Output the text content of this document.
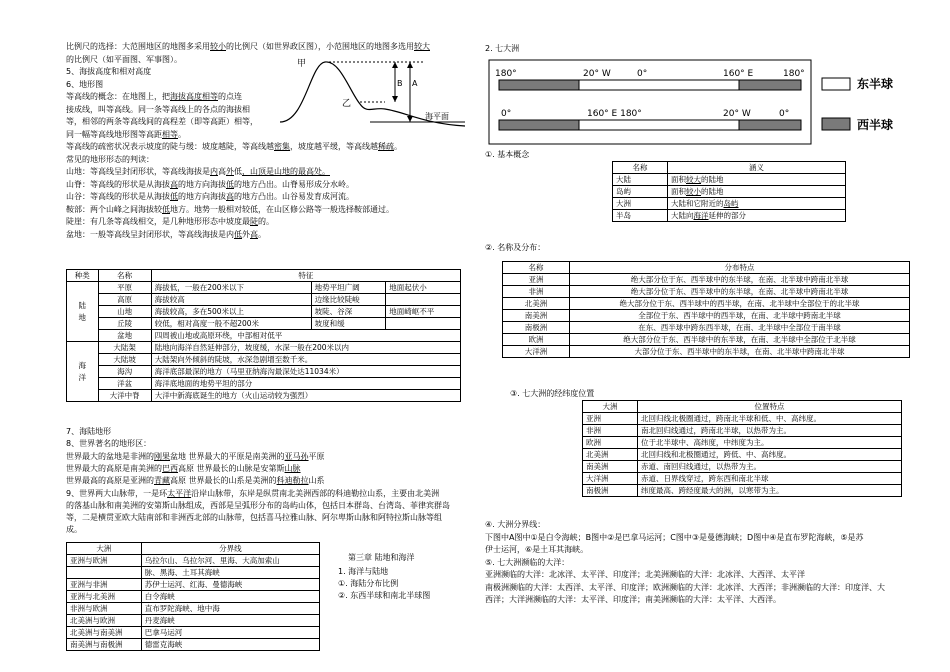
比例尺的选择：大范围地区的地图多采用较小的比例尺（如世界政区图），小范围地区的地图多选用较大
的比例尺（如平面图、军事图）。
5、海拔高度和相对高度
6、地形图
等高线的概念：在地图上，把海拔高度相等的点连
接成线，叫等高线。同一条等高线上的各点的海拔相
等，相邻的两条等高线间的高程差（即等高距）相等，
同一幅等高线地形图等高距相等。
等高线的疏密状况表示坡度的陡与缓：坡度越陡，等高线越密集，坡度越平缓，等高线越稀疏。
常见的地形形态的判读：
山地：等高线呈封闭形状，等高线海拔是内高外低，山顶是山地的最高处。
山脊：等高线的形状是从海拔高的地方向海拔低的地方凸出。山脊易形成分水岭。
山谷：等高线的形状是从海拔低的地方向海拔高的地方凸出。山谷易发育成河流。
鞍部：两个山峰之间海拔较低地方。地势一般相对较低，在山区修公路等一般选择鞍部通过。
陡崖：有几条等高线相交，是几种地形形态中坡度最陡的。
盆地：一般等高线呈封闭形状，等高线海拔是内低外高。
甲
乙
B A
海平面
种类	名称	特征		
陆
地	平原	海拔低，一般在200米以下	地势平坦广阔	地面起伏小
	高原	海拔较高	边缘比较陡峻	
	山地	海拔较高，多在500米以上	坡陡、谷深	地面崎岖不平
	丘陵	较低，相对高度一般不超200米	坡度和缓	
	盆地	四周被山地或高原环绕，中部相对低平		
海
洋	大陆架	陆地向海洋自然延伸部分，坡度缓，水深一般在200米以内		
	大陆坡	大陆架向外倾斜的陡坡，水深急剧增至数千米。		
	海沟	海洋底部最深的地方（马里亚纳海沟最深处达11034米）		
	洋盆	海洋底地面的地势平坦的部分		
	大洋中脊	大洋中新海底诞生的地方（火山运动较为强烈）		
7、海陆地形
8、世界著名的地形区：
世界最大的盆地是非洲的刚果盆地 世界最大的平原是南美洲的亚马孙平原
世界最大的高原是南美洲的巴西高原 世界最长的山脉是安第斯山脉
世界最高的高原是亚洲的青藏高原 世界最长的山系是美洲的科迪勒拉山系
9、世界两大山脉带，一是环太平洋沿岸山脉带，东岸是纵贯南北美洲西部的科迪勒拉山系，主要由北美洲
的落基山脉和南美洲的安第斯山脉组成，西部是呈弧形分布的岛屿山体，包括日本群岛、台湾岛、菲律宾群岛
等，二是横贯亚欧大陆南部和非洲西北部的山脉带，包括喜马拉雅山脉、阿尔卑斯山脉和阿特拉斯山脉等组
成。
大洲	分界线
亚洲与欧洲	乌拉尔山、乌拉尔河、里海、大高加索山
	脉、黑海、土耳其海峡
亚洲与非洲	苏伊士运河、红海、曼德海峡
亚洲与北美洲	白令海峡
非洲与欧洲	直布罗陀海峡、地中海
北美洲与欧洲	丹麦海峡
北美洲与南美洲	巴拿马运河
南美洲与南极洲	德雷克海峡
第三章 陆地和海洋
1. 海洋与陆地
①. 海陆分布比例
②. 东西半球和南北半球图
2. 七大洲
东半球
西半球
180°	20° W	0°	160° E	180°
0°	160° E 180°	20° W	0°
①. 基本概念
名称	涵义
大陆	面积较大的陆地
岛屿	面积较小的陆地
大洲	大陆和它附近的岛屿
半岛	大陆向海洋延伸的部分
②. 名称及分布：
名称	分布特点
亚洲	绝大部分位于东、西半球中的东半球，在南、北半球中跨南北半球
非洲	绝大部分位于东、西半球中的东半球，在南、北半球中跨南北半球
北美洲	绝大部分位于东、西半球中的西半球，在南、北半球中全部位于的北半球
南美洲	全部位于东、西半球中的西半球，在南、北半球中跨南北半球
南极洲	在东、西半球中跨东西半球，在南、北半球中全部位于南半球
欧洲	绝大部分位于东、西半球中的东半球，在南、北半球中全部位于北半球
大洋洲	大部分位于东、西半球中的东半球，在南、北半球中跨南北半球
③. 七大洲的经纬度位置
大洲	位置特点
亚洲	北回归线北极圈通过，跨南北半球和低、中、高纬度。
非洲	南北回归线通过，跨南北半球，以热带为主。
欧洲	位于北半球中、高纬度，中纬度为主。
北美洲	北回归线和北极圈通过，跨低、中、高纬度。
南美洲	赤道、南回归线通过，以热带为主。
大洋洲	赤道、日界线穿过，跨东西和南北半球
南极洲	纬度最高、跨经度最大的洲，以寒带为主。
④. 大洲分界线：
下图中A图中①是白令海峡；B图中②是巴拿马运河；C图中③是曼德海峡；D图中④是直布罗陀海峡，⑤是苏
伊士运河，⑥是土耳其海峡。
⑤. 七大洲濒临的大洋：
亚洲濒临的大洋：北冰洋、太平洋、印度洋；北美洲濒临的大洋：北冰洋、大西洋、太平洋
南极洲濒临的大洋：太西洋、太平洋、印度洋；欧洲濒临的大洋：北冰洋、大西洋；非洲濒临的大洋：印度洋、大
西洋；大洋洲濒临的大洋：太平洋、印度洋；南美洲濒临的大洋：太平洋、大西洋。
